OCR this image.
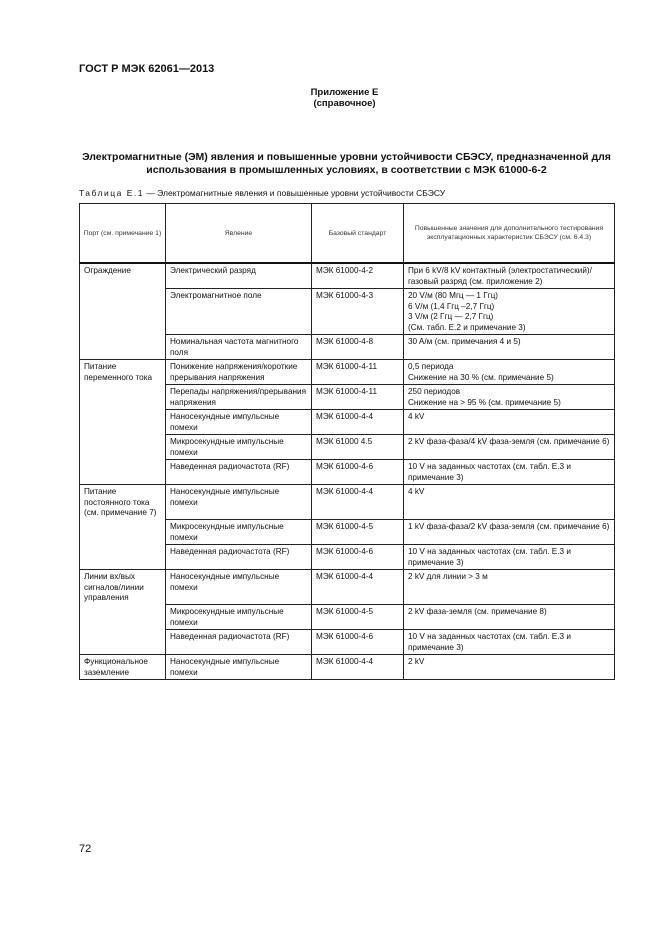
ГОСТ Р МЭК 62061—2013
Приложение Е
(справочное)
Электромагнитные (ЭМ) явления и повышенные уровни устойчивости СБЭСУ, предназначенной для использования в промышленных условиях, в соответствии с МЭК 61000-6-2
Таблица Е.1 — Электромагнитные явления и повышенные уровни устойчивости СБЭСУ
Порт (см. примечание 1)	Явление	Базовый стандарт	Повышенные значения для дополнительного тестирования эксплуатационных характеристик СБЭСУ (см. 6.4.3)
Ограждение	Электрический разряд	МЭК 61000-4-2	При 6 kV/8 kV контактный (электростатический)/газовый разряд (см. приложение 2)
	Электромагнитное поле	МЭК 61000-4-3	20 V/м (80 Мгц — 1 Ггц)
6 V/м (1,4 Ггц –2,7 Ггц)
3 V/м (2 Ггц — 2,7 Ггц)
(См. табл. Е.2 и примечание 3)
	Номинальная частота магнитного поля	МЭК 61000-4-8	30 A/м (см. примечания 4 и 5)
Питание переменного тока	Понижение напряжения/короткие прерывания напряжения	МЭК 61000-4-11	0,5 периода
Снижение на 30 % (см. примечание 5)
	Перепады напряжения/прерывания напряжения	МЭК 61000-4-11	250 периодов
Снижение на > 95 % (см. примечание 5)
	Наносекундные импульсные помехи	МЭК 61000-4-4	4 kV
	Микросекундные импульсные помехи	МЭК 61000 4.5	2 kV фаза-фаза/4 kV фаза-земля (см. примечание 6)
	Наведенная радиочастота (RF)	МЭК 61000-4-6	10 V на заданных частотах (см. табл. Е.3 и примечание 3)
Питание постоянного тока (см. примечание 7)	Наносекундные импульсные помехи	МЭК 61000-4-4	4 kV
	Микросекундные импульсные помехи	МЭК 61000-4-5	1 kV фаза-фаза/2 kV фаза-земля (см. примечание 6)
	Наведенная радиочастота (RF)	МЭК 61000-4-6	10 V на заданных частотах (см. табл. Е.3 и примечание 3)
Линии вх/вых сигналов/линии управления	Наносекундные импульсные помехи	МЭК 61000-4-4	2 kV для линии > 3 м
	Микросекундные импульсные помехи	МЭК 61000-4-5	2 kV фаза-земля (см. примечание 8)
	Наведенная радиочастота (RF)	МЭК 61000-4-6	10 V на заданных частотах (см. табл. Е.3 и примечание 3)
Функциональное заземление	Наносекундные импульсные помехи	МЭК 61000-4-4	2 kV
72
